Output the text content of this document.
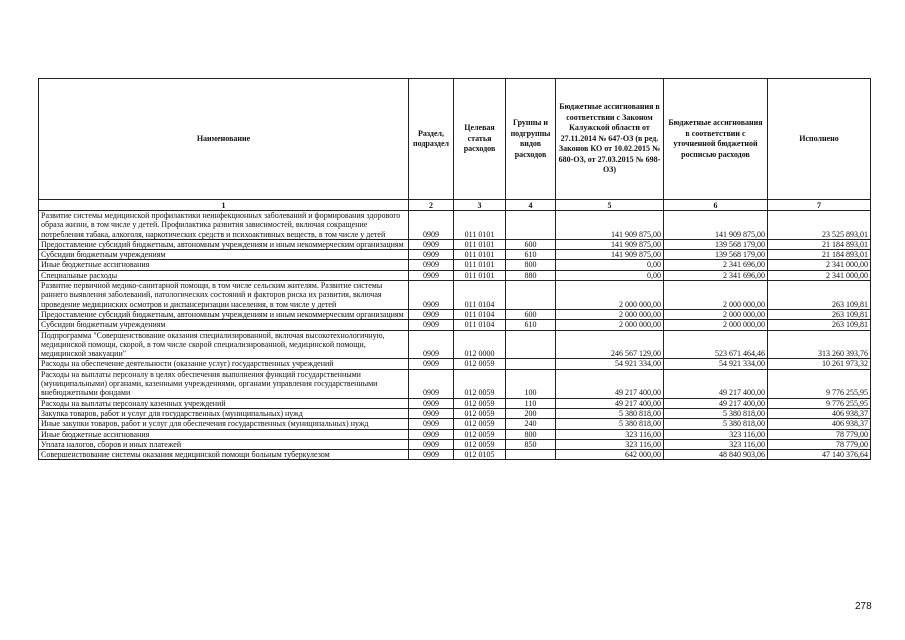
Наименование	Раздел, подраздел	Целевая статья расходов	Группы и подгруппы видов расходов	Бюджетные ассигнования в соответствии с Законом Калужской области от 27.11.2014 № 647-ОЗ (в ред. Законов КО от 10.02.2015 № 680-ОЗ, от 27.03.2015 № 698-ОЗ)	Бюджетные ассигнования в соответствии с уточненной бюджетной росписью расходов	Исполнено
1	2	3	4	5	6	7
Развитие системы медицинской профилактики неинфекционных заболеваний и формирования здорового образа жизни, в том числе у детей. Профилактика развития зависимостей, включая сокращение потребления табака, алкоголя, наркотических средств и психоактивных веществ, в том числе у детей	0909	011 0101		141 909 875,00	141 909 875,00	23 525 893,01
Предоставление субсидий бюджетным, автономным учреждениям и иным некоммерческим организациям	0909	011 0101	600	141 909 875,00	139 568 179,00	21 184 893,01
Субсидии бюджетным учреждениям	0909	011 0101	610	141 909 875,00	139 568 179,00	21 184 893,01
Иные бюджетные ассигнования	0909	011 0101	800	0,00	2 341 696,00	2 341 000,00
Специальные расходы	0909	011 0101	880	0,00	2 341 696,00	2 341 000,00
Развитие первичной медико-санитарной помощи, в том числе сельским жителям. Развитие системы раннего выявления заболеваний, патологических состояний и факторов риска их развития, включая проведение медицинских осмотров и диспансеризации населения, в том числе у детей	0909	011 0104		2 000 000,00	2 000 000,00	263 109,81
Предоставление субсидий бюджетным, автономным учреждениям и иным некоммерческим организациям	0909	011 0104	600	2 000 000,00	2 000 000,00	263 109,81
Субсидии бюджетным учреждениям	0909	011 0104	610	2 000 000,00	2 000 000,00	263 109,81
Подпрограмма "Совершенствование оказания специализированной, включая высокотехнологичную, медицинской помощи, скорой, в том числе скорой специализированной, медицинской помощи, медицинской эвакуации"	0909	012 0000		246 567 129,00	523 671 464,46	313 260 393,76
Расходы на обеспечение деятельности (оказание услуг) государственных учреждений	0909	012 0059		54 921 334,00	54 921 334,00	10 261 973,32
Расходы на выплаты персоналу в целях обеспечения выполнения функций государственными (муниципальными) органами, казенными учреждениями, органами управления государственными внебюджетными фондами	0909	012 0059	100	49 217 400,00	49 217 400,00	9 776 255,95
Расходы на выплаты персоналу казенных учреждений	0909	012 0059	110	49 217 400,00	49 217 400,00	9 776 255,95
Закупка товаров, работ и услуг для государственных (муниципальных) нужд	0909	012 0059	200	5 380 818,00	5 380 818,00	406 938,37
Иные закупки товаров, работ и услуг для обеспечения государственных (муниципальных) нужд	0909	012 0059	240	5 380 818,00	5 380 818,00	406 938,37
Иные бюджетные ассигнования	0909	012 0059	800	323 116,00	323 116,00	78 779,00
Уплата налогов, сборов и иных платежей	0909	012 0059	850	323 116,00	323 116,00	78 779,00
Совершенствование системы оказания медицинской помощи больным туберкулезом	0909	012 0105		642 000,00	48 840 903,06	47 140 376,64
278
